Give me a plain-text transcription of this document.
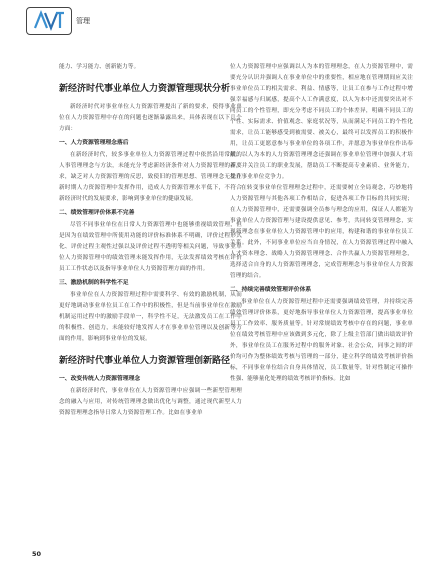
管理

能力、学习能力、创新能力等。

新经济时代事业单位人力资源管理现状分析

新经济时代对事业单位人力资源管理提出了新的要求，使得事业单位在人力资源管理中存在的问题也逐渐暴露出来，具体表现在以下几个方面：

一、人力资源管理理念落后

在新经济时代，较多事业单位人力资源管理过程中依然沿用常规的人事管理理念与方法，未能充分考虑新经济条件对人力资源管理的新要求，缺乏对人力资源管理的反思，致使旧的管理思想、管理理念无法在新时期人力资源管理中发挥作用，造成人力资源管理水平低下，不符合新经济时代的发展要求，影响到事业单位的健康发展。

二、绩效管理评价体系不完善

尽管不同事业单位在日常人力资源管理中也能够重视绩效管理，但是因为在绩效管理中所使用功能的评价标准体系不明确，评价过程形式化、评价过程主观性过强以及评价过程不透明等相关问题，导致事业单位人力资源管理中的绩效管理未能发挥作用，无法发挥绩效考核在评价员工工作状态以及指导事业单位人力资源管理方面的作用。

三、激励机制的科学性不足

事业单位在人力资源管理过程中需要科学、有效的激励机制，从而更好地调动事业单位员工在工作中的积极性，但是当前事业单位在激励机制运用过程中的激励手段单一，科学性不足，无法激发员工在工作中的积极性、创造力，未能较好地发挥人才在事业单位管理以及创新等方面的作用，影响到事业单位的发展。

新经济时代事业单位人力资源管理创新路径
一、改变传统人力资源管理理念

在新经济时代，事业单位在人力资源管理中应强调一些新型管理理念的融入与应用，对传统管理理念做出优化与调整，通过现代新型人力资源管理理念指导日常人力资源管理工作。比如在事业单

位人力资源管理中应强调以人为本的管理理念，在人力资源管理中，需要充分认识并强调人在事业单位中的重要性，相应地在管理期间应关注事业单位员工的相关需求、利益、情感等，让员工在参与工作过程中增强幸福感与归属感，提高个人工作满意度，以人为本中还需要突出对不同员工的个性管理，即充分考虑不同员工的个体差异，明确不同员工的个性、实际需求、价值观念、家庭状况等，从而满足不同员工的个性化需求，让员工能够感受到被需要、被关心，最终可以发挥员工的积极作用，让员工更愿意参与事业单位的各项工作，并愿意为事业单位作出奉献。以人为本的人力资源管理理念还强调在事业单位管理中加强人才培养，并关注员工的职业发展，帮助员工不断提高专业素质、业务能力，提升事业单位竞争力。

在转变事业单位管理理念过程中，还需要树立全局观念，巧妙地将人力资源管理与其他各项工作相结合，促进各项工作目标的共同实现；在人力资源管理中，还需要强调全员参与理念的应用，保证人人都能为事业单位人力资源管理与建设提供意见、参考，共同转变管理理念，实现新理念在事业单位人力资源管理中的应用，构建和谐的事业单位员工关系。此外，不同事业单位应当自身情况，在人力资源管理过程中融入人才资本理念、战略人力资源管理理念、合作共赢人力资源管理理念，选择适合自身的人力资源管理理念，完成管理理念与事业单位人力资源管理的结合。

二、持续完善绩效管理评价体系

事业单位在人力资源管理过程中还需要强调绩效管理，并持续完善绩效管理评价体系，更好地指导事业单位人力资源管理，提高事业单位员工工作效率、服务质量等。针对常规绩效考核中存在的问题，事业单位在绩效考核管理中应该做到多元化，除了上级主管部门做出绩效评价外，事业单位员工在服务过程中的服务对象、社会公众，同事之间的评价均可作为整体绩效考核与管理的一部分，建立科学的绩效考核评价指标，不同事业单位结合自身具体情况，员工数量等，针对性制定可操作性强、能够量化处理的绩效考核评价指标。比如

50
